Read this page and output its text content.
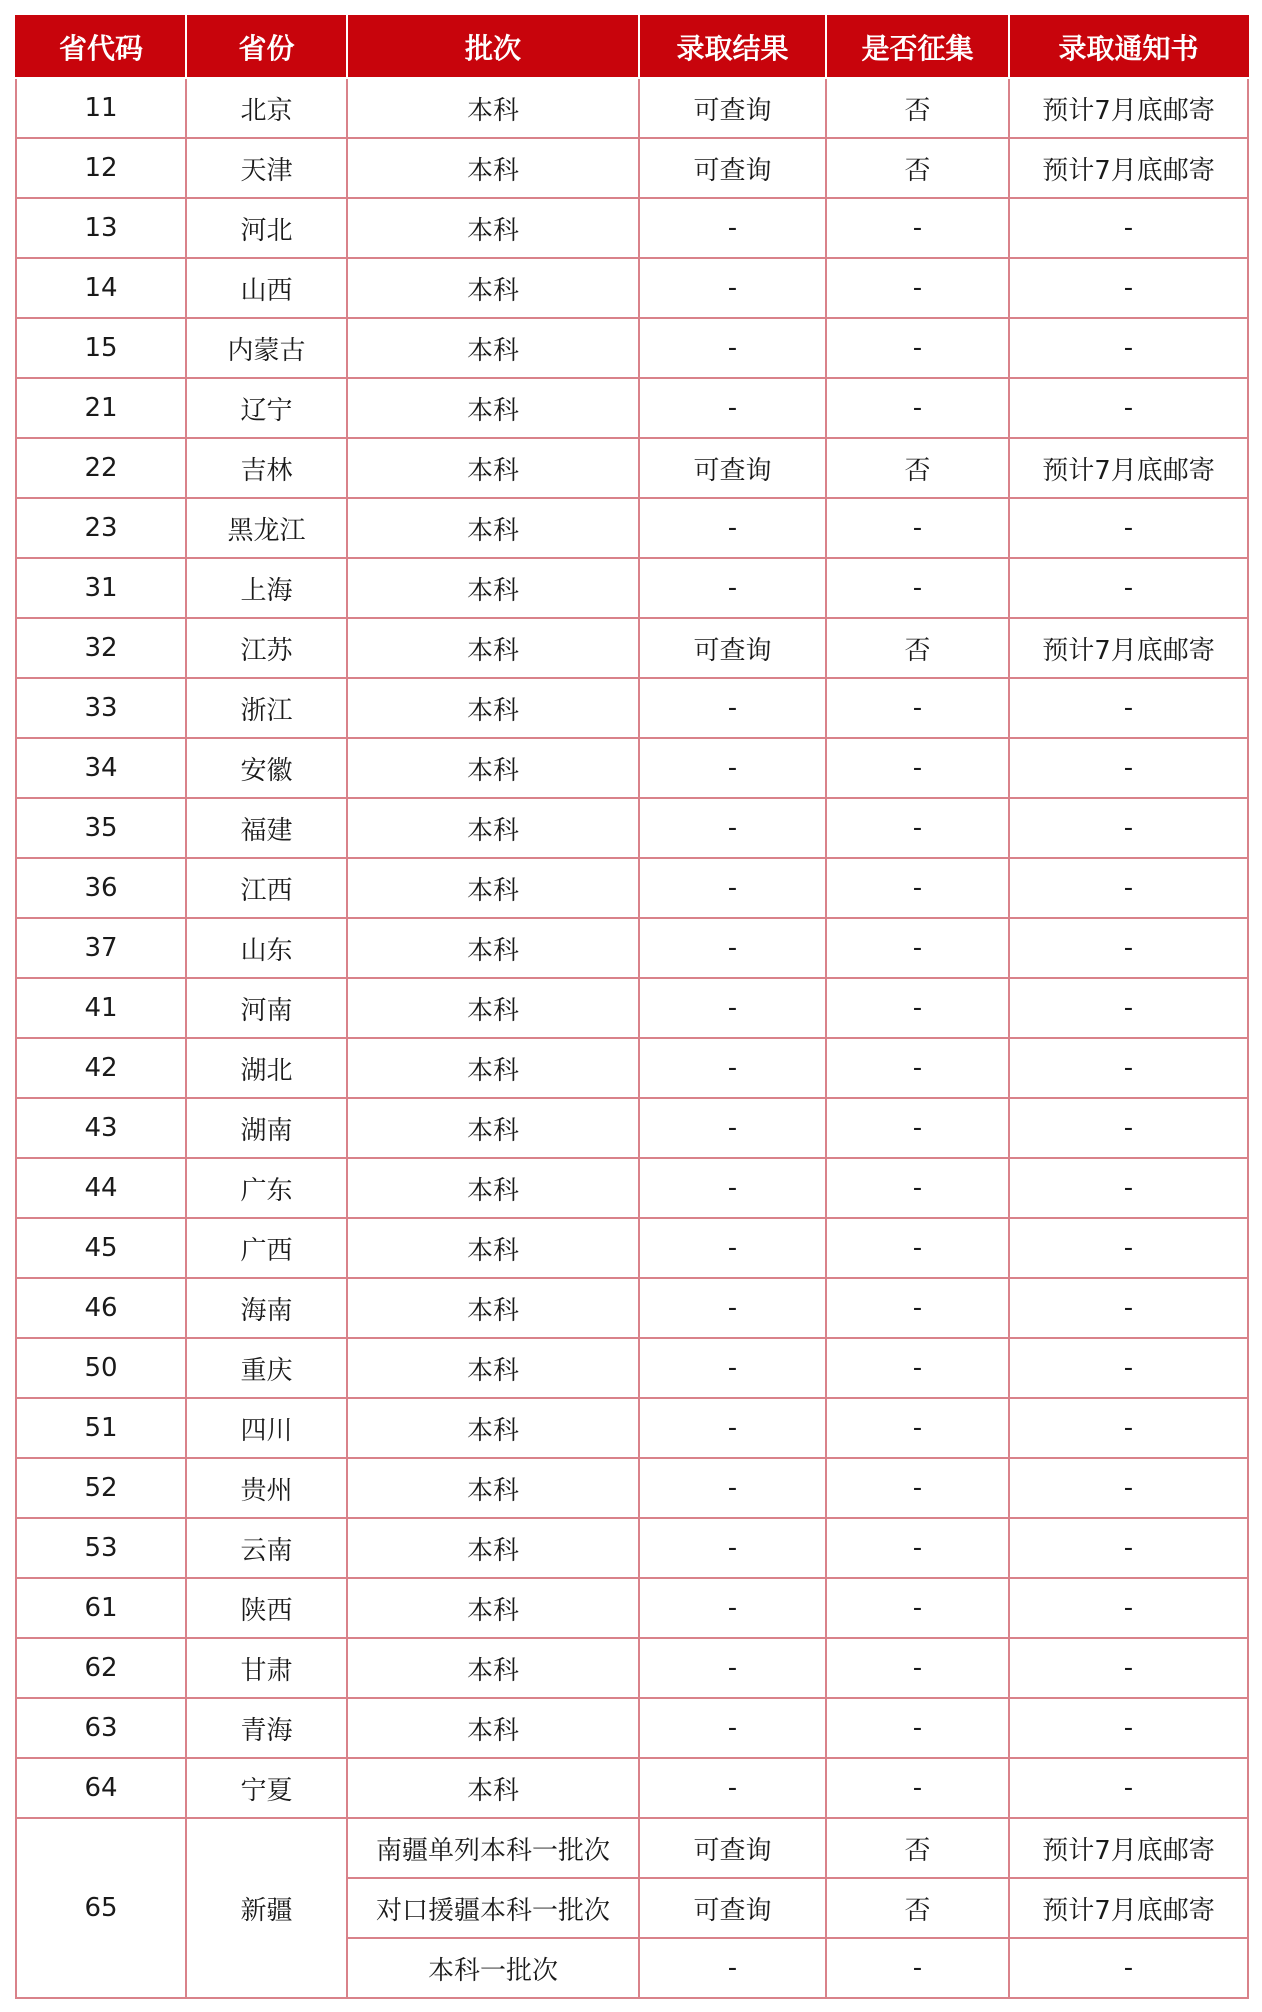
省代码	省份	批次	录取结果	是否征集	录取通知书
11	北京	本科	可查询	否	预计7月底邮寄
12	天津	本科	可查询	否	预计7月底邮寄
13	河北	本科	-	-	-
14	山西	本科	-	-	-
15	内蒙古	本科	-	-	-
21	辽宁	本科	-	-	-
22	吉林	本科	可查询	否	预计7月底邮寄
23	黑龙江	本科	-	-	-
31	上海	本科	-	-	-
32	江苏	本科	可查询	否	预计7月底邮寄
33	浙江	本科	-	-	-
34	安徽	本科	-	-	-
35	福建	本科	-	-	-
36	江西	本科	-	-	-
37	山东	本科	-	-	-
41	河南	本科	-	-	-
42	湖北	本科	-	-	-
43	湖南	本科	-	-	-
44	广东	本科	-	-	-
45	广西	本科	-	-	-
46	海南	本科	-	-	-
50	重庆	本科	-	-	-
51	四川	本科	-	-	-
52	贵州	本科	-	-	-
53	云南	本科	-	-	-
61	陕西	本科	-	-	-
62	甘肃	本科	-	-	-
63	青海	本科	-	-	-
64	宁夏	本科	-	-	-
65	新疆	南疆单列本科一批次	可查询	否	预计7月底邮寄
		对口援疆本科一批次	可查询	否	预计7月底邮寄
		本科一批次	-	-	-
